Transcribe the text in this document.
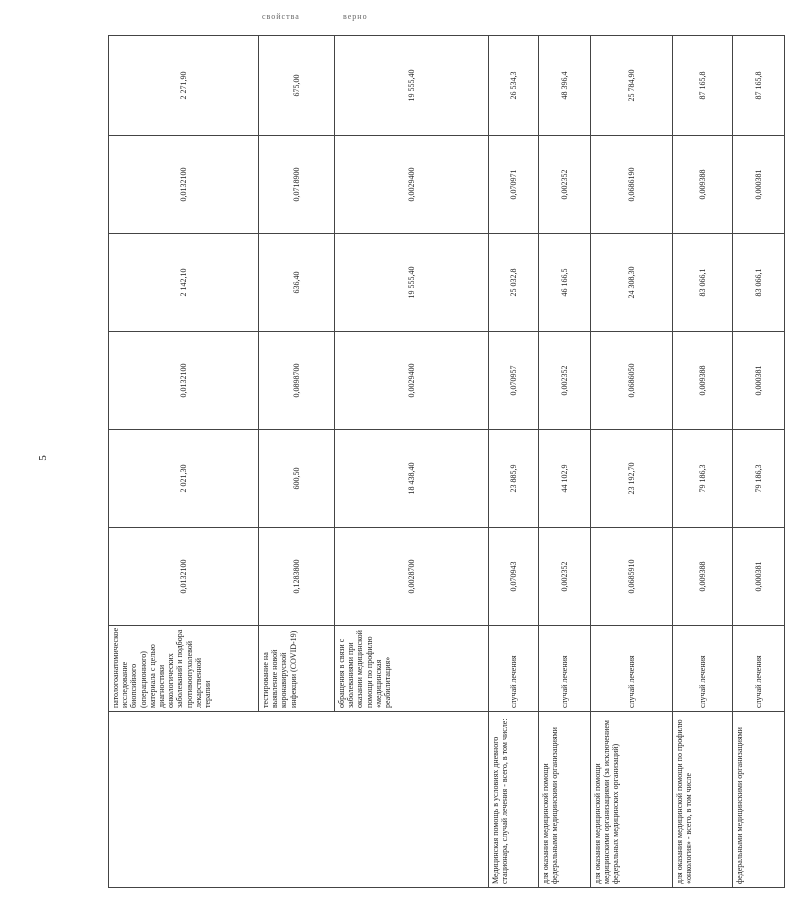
5
свойства	верно
	патологоанатомическое исследование биопсийного (операционного) материала с целью диагностики онкологических заболеваний и подбора противоопухолевой лекарственной терапии	0,0132100	2 021,30	0,0132100	2 142,10	0,0132100	2 271,90
	тестирование на выявление новой коронавирусной инфекции (COVID-19)	0,1283800	600,50	0,0898700	636,40	0,0718900	675,00
	обращения в связи с заболеваниями при оказании медицинской помощи по профилю «медицинская реабилитация»	0,0028700	18 438,40	0,0029400	19 555,40	0,0029400	19 555,40
Медицинская помощь в условиях дневного стационара, случай лечения - всего, в том числе:	случай лечения	0,070943	23 885,9	0,070957	25 032,8	0,070971	26 534,3
для оказания медицинской помощи федеральными медицинскими организациями	случай лечения	0,002352	44 102,9	0,002352	46 166,5	0,002352	48 396,4
для оказания медицинской помощи медицинскими организациями (за исключением федеральных медицинских организаций)	случай лечения	0,0685910	23 192,70	0,0686050	24 308,30	0,0686190	25 784,90
для оказания медицинской помощи по профилю «онкология» - всего, в том числе	случай лечения	0,009388	79 186,3	0,009388	83 066,1	0,009388	87 165,8
федеральными медицинскими организациями	случай лечения	0,000381	79 186,3	0,000381	83 066,1	0,000381	87 165,8
